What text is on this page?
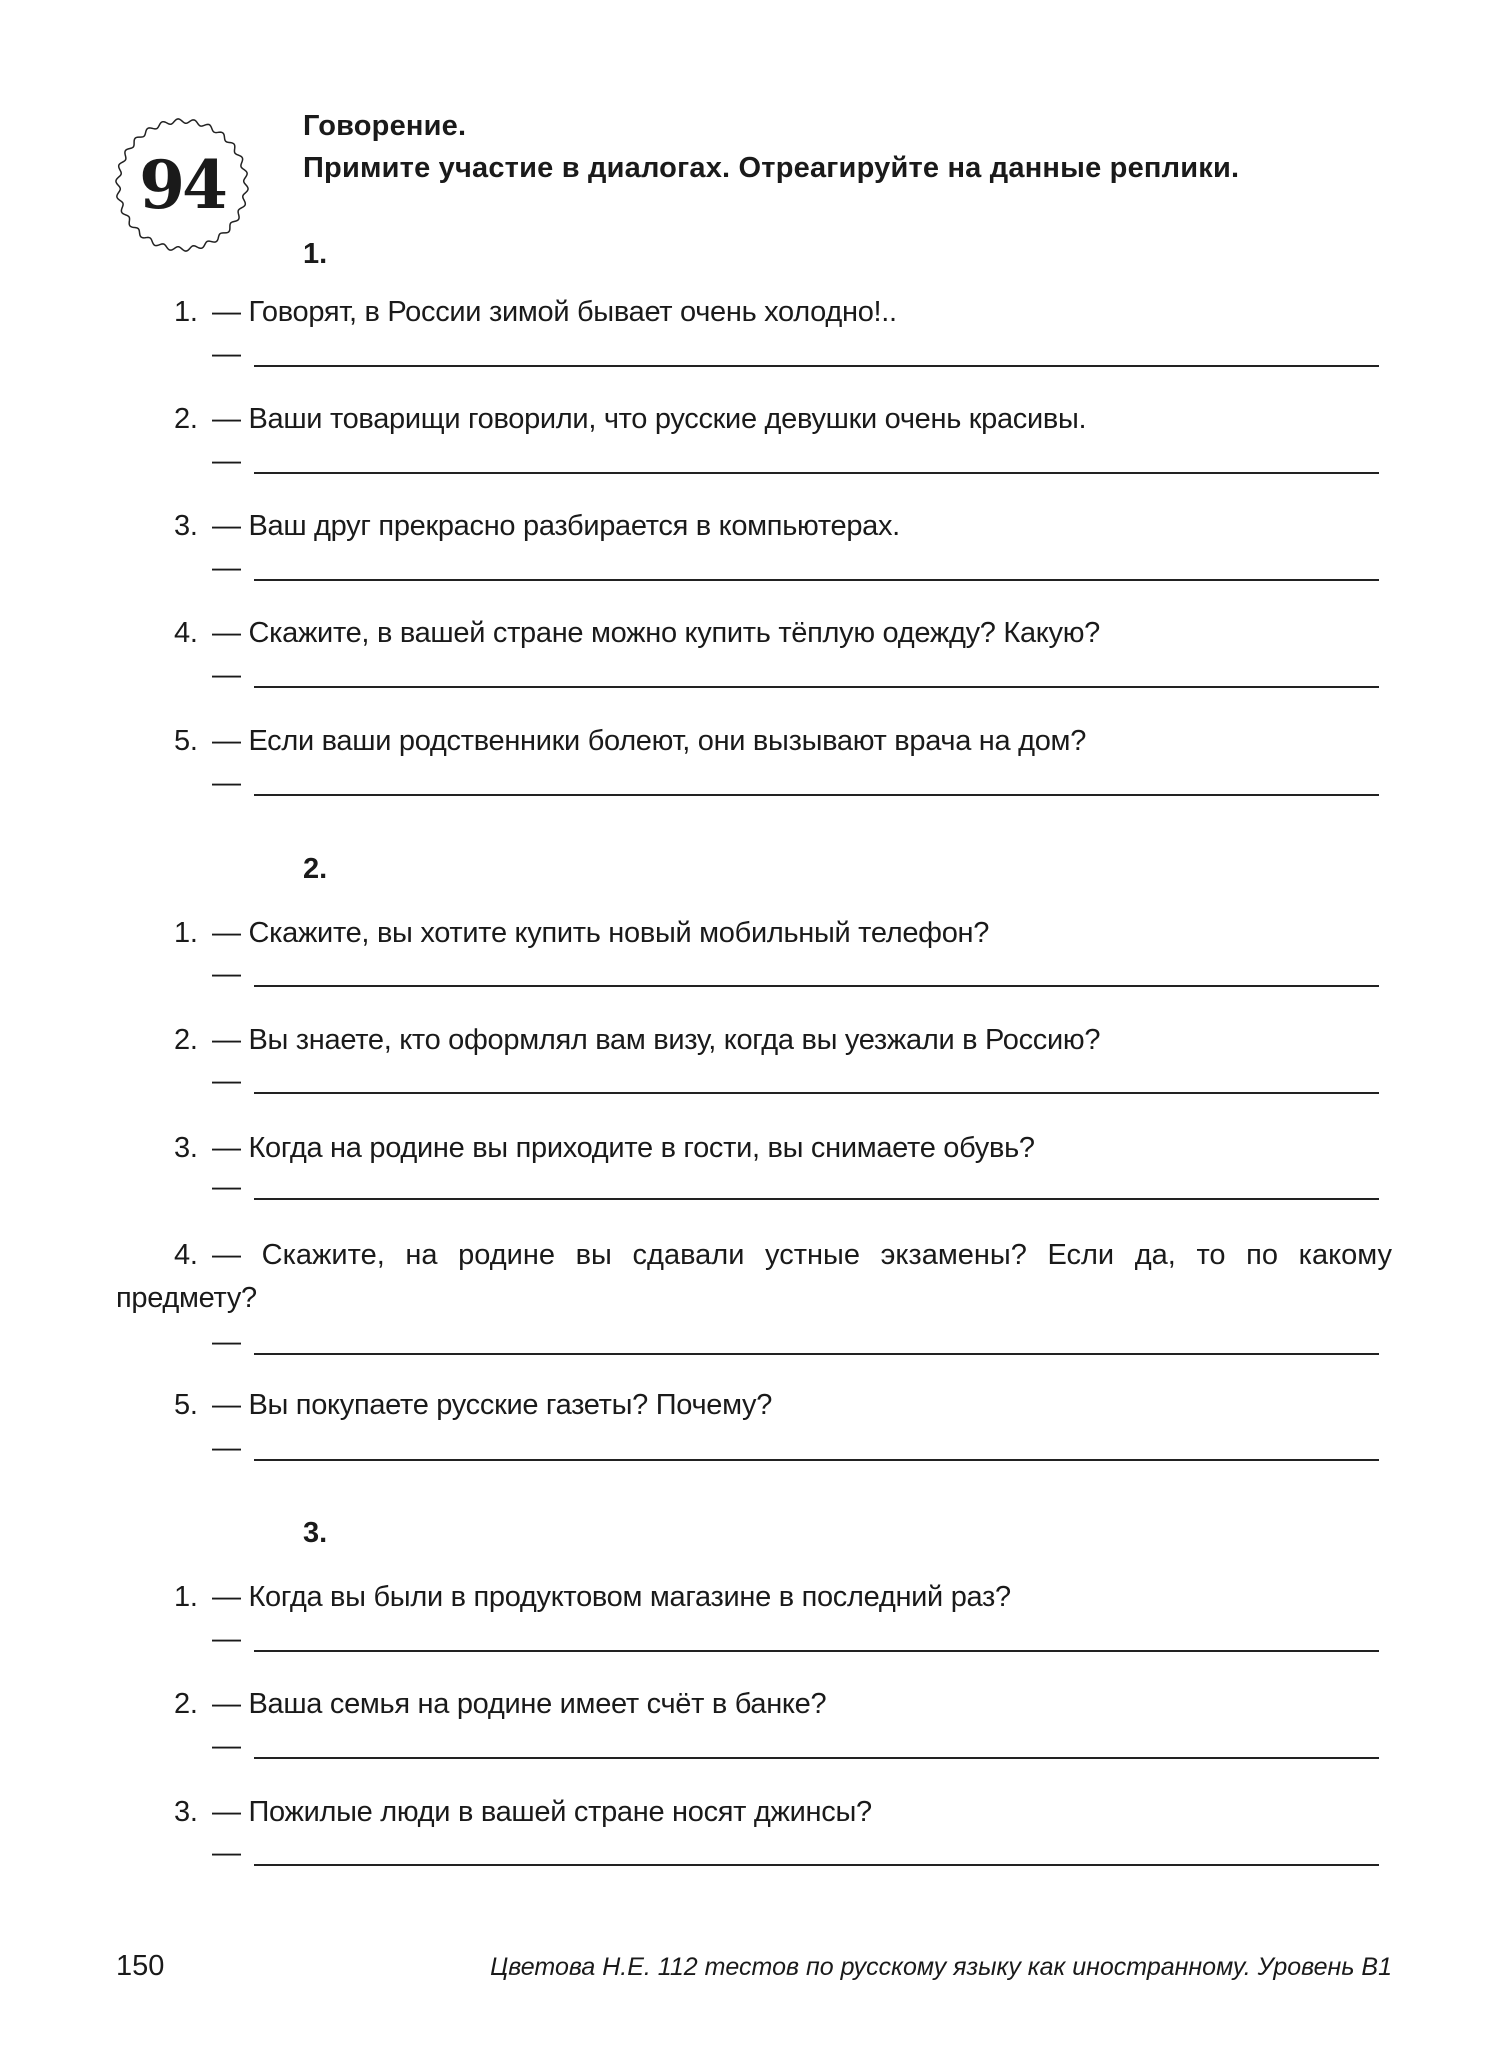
94
Говорение.
Примите участие в диалогах. Отреагируйте на данные реплики.
1.
1. — Говорят, в России зимой бывает очень холодно!..
—
2. — Ваши товарищи говорили, что русские девушки очень красивы.
—
3. — Ваш друг прекрасно разбирается в компьютерах.
—
4. — Скажите, в вашей стране можно купить тёплую одежду? Какую?
—
5. — Если ваши родственники болеют, они вызывают врача на дом?
—
2.
1. — Скажите, вы хотите купить новый мобильный телефон?
—
2. — Вы знаете, кто оформлял вам визу, когда вы уезжали в Россию?
—
3. — Когда на родине вы приходите в гости, вы снимаете обувь?
—
4. — Скажите, на родине вы сдавали устные экзамены? Если да, то по какому
предмету?
—
5. — Вы покупаете русские газеты? Почему?
—
3.
1. — Когда вы были в продуктовом магазине в последний раз?
—
2. — Ваша семья на родине имеет счёт в банке?
—
3. — Пожилые люди в вашей стране носят джинсы?
—
150	Цветова Н.Е. 112 тестов по русскому языку как иностранному. Уровень В1
